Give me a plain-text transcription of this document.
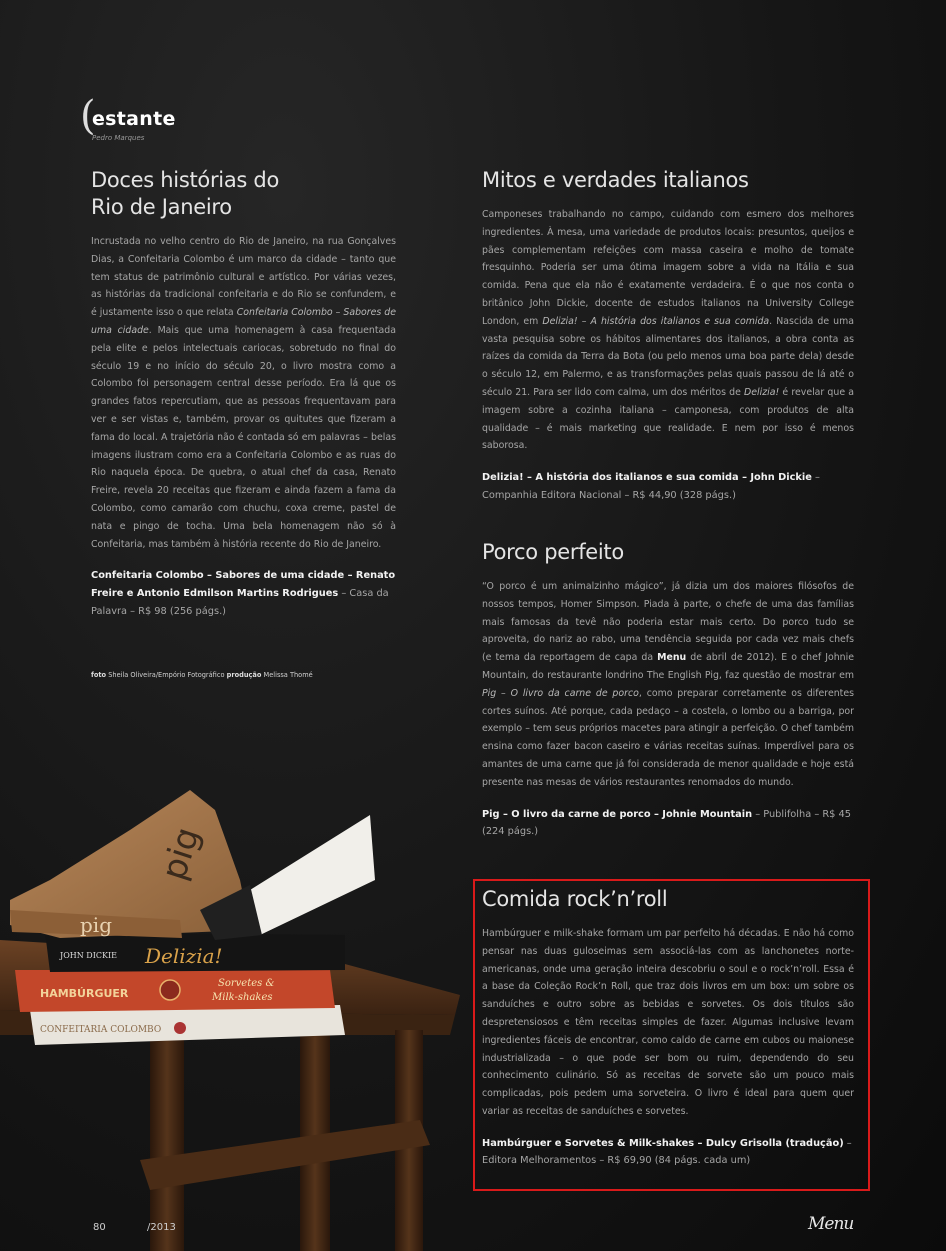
(
estante
Pedro Marques
Doces histórias do
Rio de Janeiro

Incrustada no velho centro do Rio de Janeiro, na rua Gonçalves Dias, a Confeitaria Colombo é um marco da cidade – tanto que tem status de patrimônio cultural e artístico. Por várias vezes, as histórias da tradicional confeitaria e do Rio se confundem, e é justamente isso o que relata Confeitaria Colombo – Sabores de uma cidade. Mais que uma homenagem à casa frequentada pela elite e pelos intelectuais cariocas, sobretudo no final do século 19 e no início do século 20, o livro mostra como a Colombo foi personagem central desse período. Era lá que os grandes fatos repercutiam, que as pessoas frequentavam para ver e ser vistas e, também, provar os quitutes que fizeram a fama do local. A trajetória não é contada só em palavras – belas imagens ilustram como era a Confeitaria Colombo e as ruas do Rio naquela época. De quebra, o atual chef da casa, Renato Freire, revela 20 receitas que fizeram e ainda fazem a fama da Colombo, como camarão com chuchu, coxa creme, pastel de nata e pingo de tocha. Uma bela homenagem não só à Confeitaria, mas também à história recente do Rio de Janeiro.

Confeitaria Colombo – Sabores de uma cidade – Renato Freire e Antonio Edmilson Martins Rodrigues – Casa da Palavra – R$ 98 (256 págs.)
foto Sheila Oliveira/Empório Fotográfico produção Melissa Thomé
Mitos e verdades italianos

Camponeses trabalhando no campo, cuidando com esmero dos melhores ingredientes. À mesa, uma variedade de produtos locais: presuntos, queijos e pães complementam refeições com massa caseira e molho de tomate fresquinho. Poderia ser uma ótima imagem sobre a vida na Itália e sua comida. Pena que ela não é exatamente verdadeira. É o que nos conta o britânico John Dickie, docente de estudos italianos na University College London, em Delizia! – A história dos italianos e sua comida. Nascida de uma vasta pesquisa sobre os hábitos alimentares dos italianos, a obra conta as raízes da comida da Terra da Bota (ou pelo menos uma boa parte dela) desde o século 12, em Palermo, e as transformações pelas quais passou de lá até o século 21. Para ser lido com calma, um dos méritos de Delizia! é revelar que a imagem sobre a cozinha italiana – camponesa, com produtos de alta qualidade – é mais marketing que realidade. E nem por isso é menos saborosa.

Delizia! – A história dos italianos e sua comida – John Dickie – Companhia Editora Nacional – R$ 44,90 (328 págs.)
Porco perfeito

“O porco é um animalzinho mágico”, já dizia um dos maiores filósofos de nossos tempos, Homer Simpson. Piada à parte, o chefe de uma das famílias mais famosas da tevê não poderia estar mais certo. Do porco tudo se aproveita, do nariz ao rabo, uma tendência seguida por cada vez mais chefs (e tema da reportagem de capa da Menu de abril de 2012). E o chef Johnie Mountain, do restaurante londrino The English Pig, faz questão de mostrar em Pig – O livro da carne de porco, como preparar corretamente os diferentes cortes suínos. Até porque, cada pedaço – a costela, o lombo ou a barriga, por exemplo – tem seus próprios macetes para atingir a perfeição. O chef também ensina como fazer bacon caseiro e várias receitas suínas. Imperdível para os amantes de uma carne que já foi considerada de menor qualidade e hoje está presente nas mesas de vários restaurantes renomados do mundo.

Pig – O livro da carne de porco – Johnie Mountain – Publifolha – R$ 45 (224 págs.)
Comida rock’n’roll

Hambúrguer e milk-shake formam um par perfeito há décadas. E não há como pensar nas duas guloseimas sem associá-las com as lanchonetes norte-americanas, onde uma geração inteira descobriu o soul e o rock’n’roll. Essa é a base da Coleção Rock’n Roll, que traz dois livros em um box: um sobre os sanduíches e outro sobre as bebidas e sorvetes. Os dois títulos são despretensiosos e têm receitas simples de fazer. Algumas inclusive levam ingredientes fáceis de encontrar, como caldo de carne em cubos ou maionese industrializada – o que pode ser bom ou ruim, dependendo do seu conhecimento culinário. Só as receitas de sorvete são um pouco mais complicadas, pois pedem uma sorveteira. O livro é ideal para quem quer variar as receitas de sanduíches e sorvetes.

Hambúrguer e Sorvetes & Milk-shakes – Dulcy Grisolla (tradução) – Editora Melhoramentos – R$ 69,90 (84 págs. cada um)
CONFEITARIA COLOMBO
HAMBÚRGUER
Sorvetes &
Milk-shakes
JOHN DICKIE Delizia!
pig
pig
80	/2013	Menu
